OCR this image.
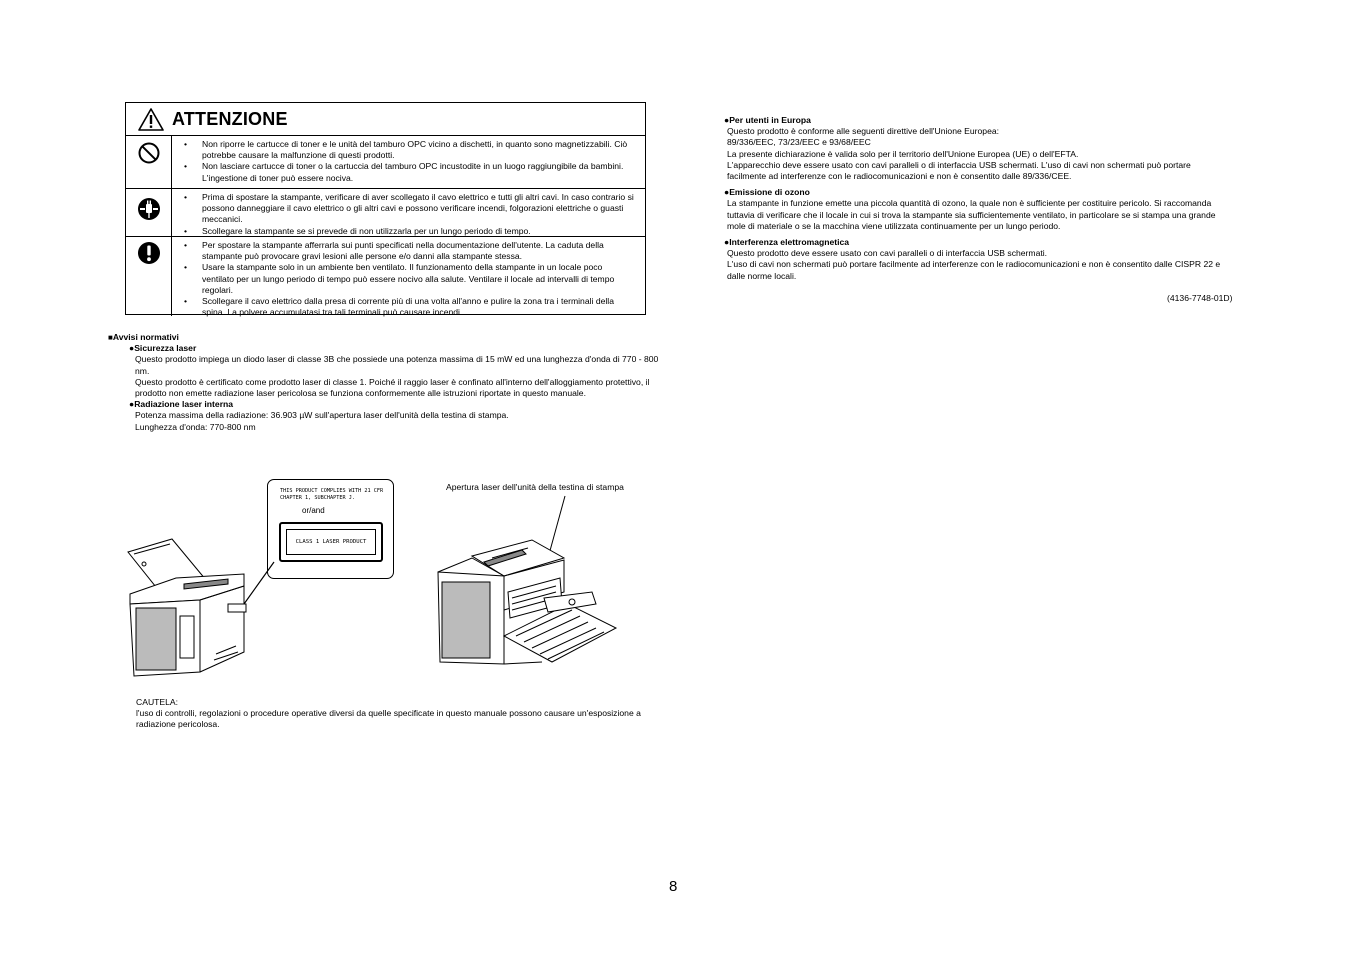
ATTENZIONE
• Non riporre le cartucce di toner e le unità del tamburo OPC vicino a dischetti, in quanto sono magnetizzabili. Ciò potrebbe causare la malfunzione di questi prodotti.
• Non lasciare cartucce di toner o la cartuccia del tamburo OPC incustodite in un luogo raggiungibile da bambini. L'ingestione di toner può essere nociva.
• Prima di spostare la stampante, verificare di aver scollegato il cavo elettrico e tutti gli altri cavi. In caso contrario si possono danneggiare il cavo elettrico o gli altri cavi e possono verificare incendi, folgorazioni elettriche o guasti meccanici.
• Scollegare la stampante se si prevede di non utilizzarla per un lungo periodo di tempo.
• Per spostare la stampante afferrarla sui punti specificati nella documentazione dell'utente. La caduta della stampante può provocare gravi lesioni alle persone e/o danni alla stampante stessa.
• Usare la stampante solo in un ambiente ben ventilato. Il funzionamento della stampante in un locale poco ventilato per un lungo periodo di tempo può essere nocivo alla salute. Ventilare il locale ad intervalli di tempo regolari.
• Scollegare il cavo elettrico dalla presa di corrente più di una volta all'anno e pulire la zona tra i terminali della spina. La polvere accumulatasi tra tali terminali può causare incendi.
■Avvisi normativi
●Sicurezza laser
Questo prodotto impiega un diodo laser di classe 3B che possiede una potenza massima di 15 mW ed una lunghezza d'onda di 770 - 800 nm.
Questo prodotto è certificato come prodotto laser di classe 1. Poiché il raggio laser è confinato all'interno dell'alloggiamento protettivo, il prodotto non emette radiazione laser pericolosa se funziona conformemente alle istruzioni riportate in questo manuale.
●Radiazione laser interna
Potenza massima della radiazione: 36.903 µW sull'apertura laser dell'unità della testina di stampa.
Lunghezza d'onda: 770-800 nm
THIS PRODUCT COMPLIES WITH 21 CFR
CHAPTER 1, SUBCHAPTER J.
or/and
CLASS 1 LASER PRODUCT
Apertura laser dell'unità della testina di stampa
CAUTELA:
l'uso di controlli, regolazioni o procedure operative diversi da quelle specificate in questo manuale possono causare un'esposizione a radiazione pericolosa.
●Per utenti in Europa
Questo prodotto è conforme alle seguenti direttive dell'Unione Europea:
89/336/EEC, 73/23/EEC e 93/68/EEC
La presente dichiarazione è valida solo per il territorio dell'Unione Europea (UE) o dell'EFTA.
L'apparecchio deve essere usato con cavi paralleli o di interfaccia USB schermati. L'uso di cavi non schermati può portare facilmente ad interferenze con le radiocomunicazioni e non è consentito dalle 89/336/CEE.
●Emissione di ozono
La stampante in funzione emette una piccola quantità di ozono, la quale non è sufficiente per costituire pericolo. Si raccomanda tuttavia di verificare che il locale in cui si trova la stampante sia sufficientemente ventilato, in particolare se si stampa una grande mole di materiale o se la macchina viene utilizzata continuamente per un lungo periodo.
●Interferenza elettromagnetica
Questo prodotto deve essere usato con cavi paralleli o di interfaccia USB schermati.
L'uso di cavi non schermati può portare facilmente ad interferenze con le radiocomunicazioni e non è consentito dalle CISPR 22 e dalle norme locali.
(4136-7748-01D)
8
